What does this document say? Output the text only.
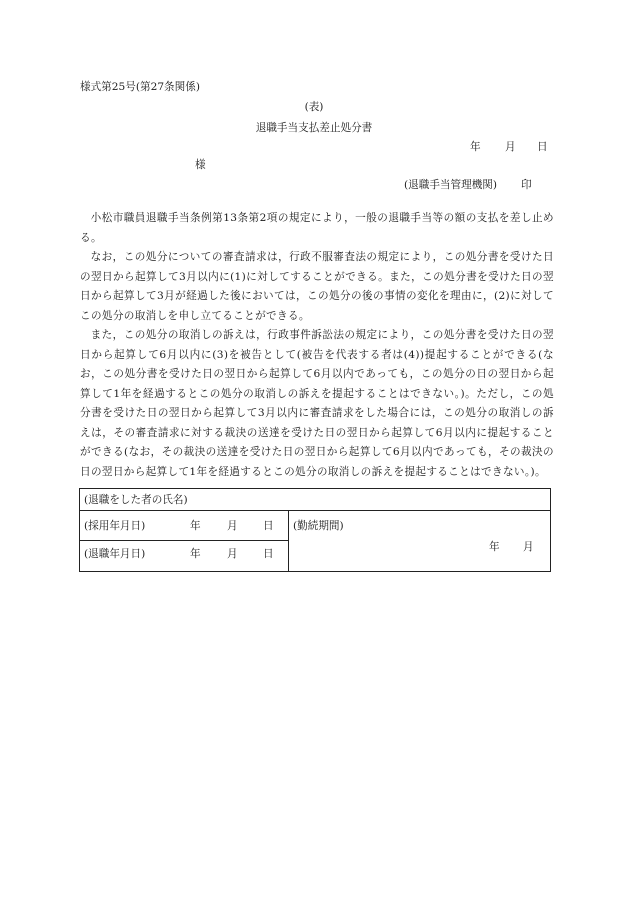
様式第25号(第27条関係)
(表)
退職手当支払差止処分書
年 月 日
様
(退職手当管理機関) 印
小松市職員退職手当条例第13条第2項の規定により，一般の退職手当等の額の支払を差し止める。
なお，この処分についての審査請求は，行政不服審査法の規定により，この処分書を受けた日の翌日から起算して3月以内に(1)に対してすることができる。また，この処分書を受けた日の翌日から起算して3月が経過した後においては，この処分の後の事情の変化を理由に，(2)に対してこの処分の取消しを申し立てることができる。
また，この処分の取消しの訴えは，行政事件訴訟法の規定により，この処分書を受けた日の翌日から起算して6月以内に(3)を被告として(被告を代表する者は(4))提起することができる(なお，この処分書を受けた日の翌日から起算して6月以内であっても，この処分の日の翌日から起算して1年を経過するとこの処分の取消しの訴えを提起することはできない。)。ただし，この処分書を受けた日の翌日から起算して3月以内に審査請求をした場合には，この処分の取消しの訴えは，その審査請求に対する裁決の送達を受けた日の翌日から起算して6月以内に提起することができる(なお，その裁決の送達を受けた日の翌日から起算して6月以内であっても，その裁決の日の翌日から起算して1年を経過するとこの処分の取消しの訴えを提起することはできない。)。
(退職をした者の氏名)
(採用年月日)	年 月 日
(退職年月日)	年 月 日
(勤続期間)
年 月
